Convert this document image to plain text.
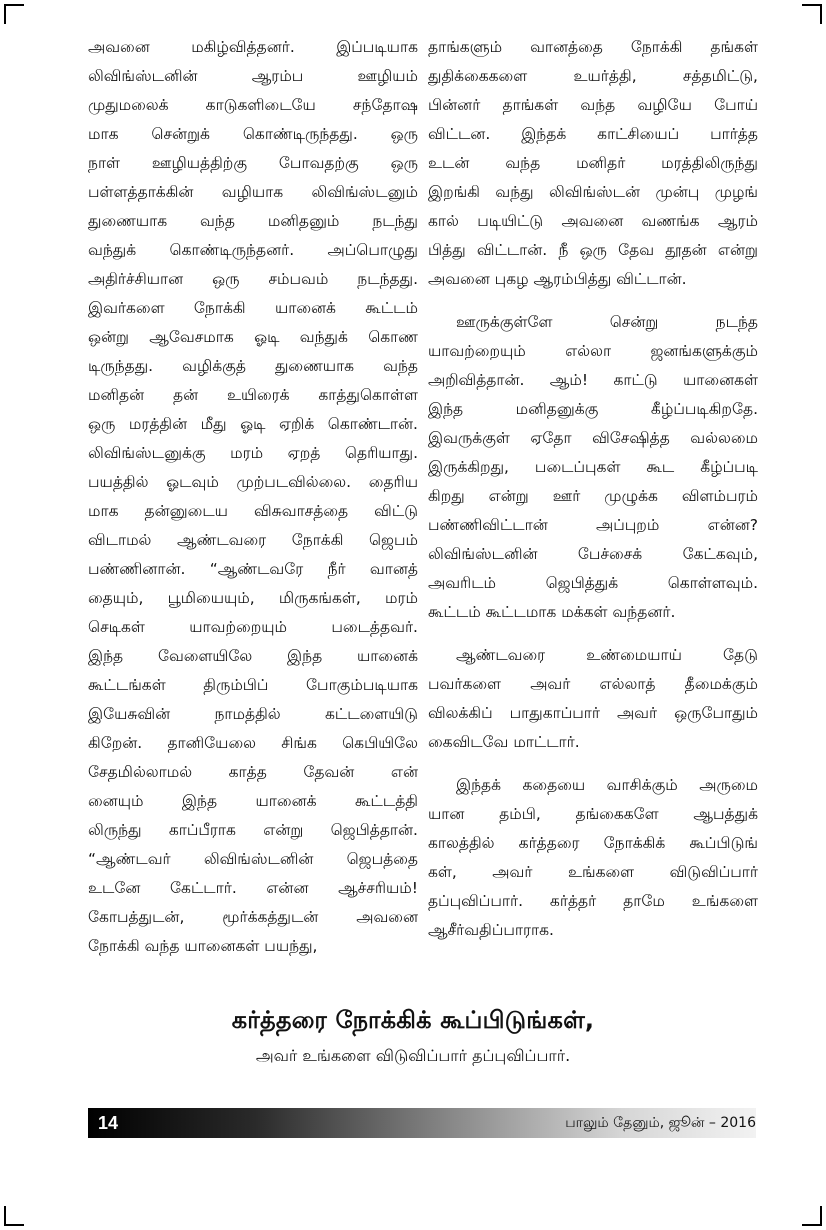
அவனை மகிழ்வித்தனர். இப்படியாக
லிவிங்ஸ்டனின் ஆரம்ப ஊழியம்
முதுமலைக் காடுகளிடையே சந்தோஷ
மாக சென்றுக் கொண்டிருந்தது. ஒரு
நாள் ஊழியத்திற்கு போவதற்கு ஒரு
பள்ளத்தாக்கின் வழியாக லிவிங்ஸ்டனும்
துணையாக வந்த மனிதனும் நடந்து
வந்துக் கொண்டிருந்தனர். அப்பொழுது
அதிர்ச்சியான ஒரு சம்பவம் நடந்தது.
இவர்களை நோக்கி யானைக் கூட்டம்
ஒன்று ஆவேசமாக ஓடி வந்துக் கொண
டிருந்தது. வழிக்குத் துணையாக வந்த
மனிதன் தன் உயிரைக் காத்துகொள்ள
ஒரு மரத்தின் மீது ஓடி ஏறிக் கொண்டான்.
லிவிங்ஸ்டனுக்கு மரம் ஏறத் தெரியாது.
பயத்தில் ஓடவும் முற்படவில்லை. தைரிய
மாக தன்னுடைய விசுவாசத்தை விட்டு
விடாமல் ஆண்டவரை நோக்கி ஜெபம்
பண்ணினான். “ஆண்டவரே நீர் வானத்
தையும், பூமியையும், மிருகங்கள், மரம்
செடிகள் யாவற்றையும் படைத்தவர்.
இந்த வேளையிலே இந்த யானைக்
கூட்டங்கள் திரும்பிப் போகும்படியாக
இயேசுவின் நாமத்தில் கட்டளையிடு
கிறேன். தானியேலை சிங்க கெபியிலே
சேதமில்லாமல் காத்த தேவன் என்
னையும் இந்த யானைக் கூட்டத்தி
லிருந்து காப்பீராக என்று ஜெபித்தான்.
“ஆண்டவர் லிவிங்ஸ்டனின் ஜெபத்தை
உடனே கேட்டார். என்ன ஆச்சரியம்!
கோபத்துடன், மூர்க்கத்துடன் அவனை
நோக்கி வந்த யானைகள் பயந்து,
தாங்களும் வானத்தை நோக்கி தங்கள்
துதிக்கைகளை உயர்த்தி, சத்தமிட்டு,
பின்னர் தாங்கள் வந்த வழியே போய்
விட்டன. இந்தக் காட்சியைப் பார்த்த
உடன் வந்த மனிதர் மரத்திலிருந்து
இறங்கி வந்து லிவிங்ஸ்டன் முன்பு முழங்
கால் படியிட்டு அவனை வணங்க ஆரம்
பித்து விட்டான். நீ ஒரு தேவ தூதன் என்று
அவனை புகழ ஆரம்பித்து விட்டான்.
ஊருக்குள்ளே சென்று நடந்த
யாவற்றையும் எல்லா ஜனங்களுக்கும்
அறிவித்தான். ஆம்! காட்டு யானைகள்
இந்த மனிதனுக்கு கீழ்ப்படிகிறதே.
இவருக்குள் ஏதோ விசேஷித்த வல்லமை
இருக்கிறது, படைப்புகள் கூட கீழ்ப்படி
கிறது என்று ஊர் முழுக்க விளம்பரம்
பண்ணிவிட்டான் அப்புறம் என்ன?
லிவிங்ஸ்டனின் பேச்சைக் கேட்கவும்,
அவரிடம் ஜெபித்துக் கொள்ளவும்.
கூட்டம் கூட்டமாக மக்கள் வந்தனர்.
ஆண்டவரை உண்மையாய் தேடு
பவர்களை அவர் எல்லாத் தீமைக்கும்
விலக்கிப் பாதுகாப்பார் அவர் ஒருபோதும்
கைவிடவே மாட்டார்.
இந்தக் கதையை வாசிக்கும் அருமை
யான தம்பி, தங்கைகளே ஆபத்துக்
காலத்தில் கர்த்தரை நோக்கிக் கூப்பிடுங்
கள், அவர் உங்களை விடுவிப்பார்
தப்புவிப்பார். கர்த்தர் தாமே உங்களை
ஆசீர்வதிப்பாராக.
கர்த்தரை நோக்கிக் கூப்பிடுங்கள்,
அவர் உங்களை விடுவிப்பார் தப்புவிப்பார்.
14	பாலும் தேனும், ஜூன் – 2016
